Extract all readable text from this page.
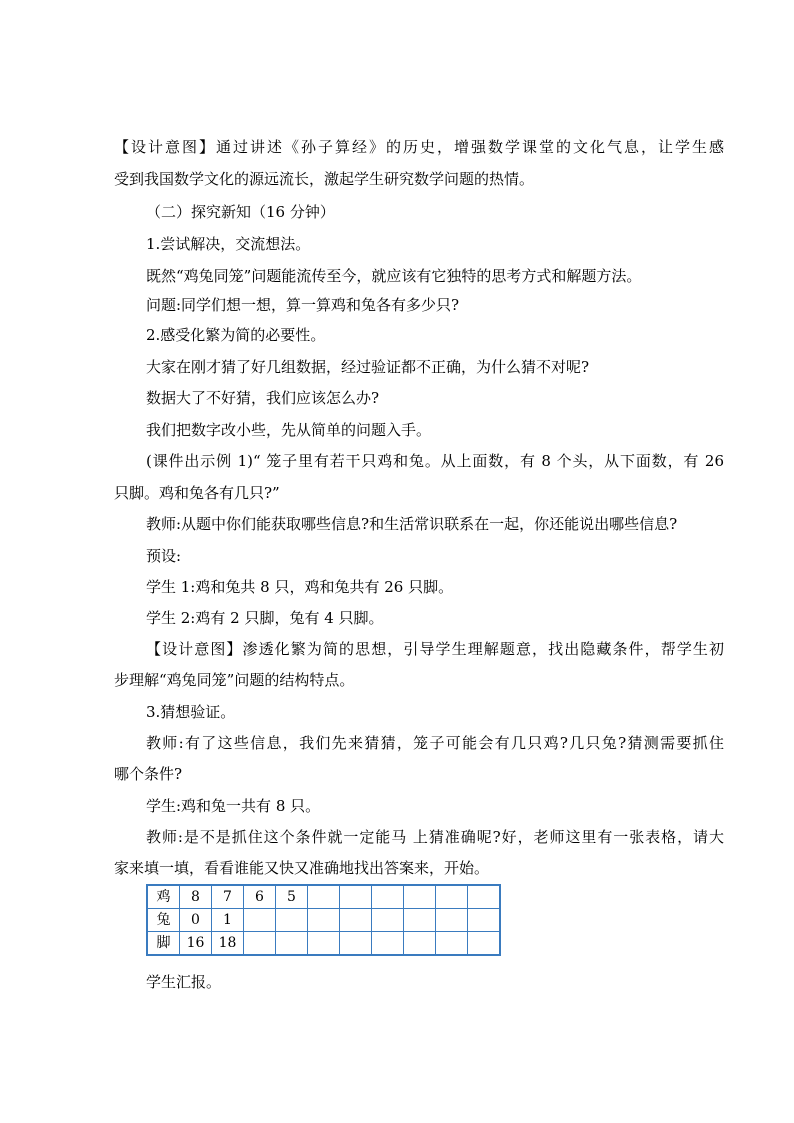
【设计意图】通过讲述《孙子算经》的历史，增强数学课堂的文化气息，让学生感
受到我国数学文化的源远流长，激起学生研究数学问题的热情。
（二）探究新知（16 分钟）
1.尝试解决，交流想法。
既然“鸡兔同笼”问题能流传至今，就应该有它独特的思考方式和解题方法。
问题:同学们想一想，算一算鸡和兔各有多少只?
2.感受化繁为简的必要性。
大家在刚才猜了好几组数据，经过验证都不正确，为什么猜不对呢?
数据大了不好猜，我们应该怎么办?
我们把数字改小些，先从简单的问题入手。
(课件出示例 1)“ 笼子里有若干只鸡和兔。从上面数，有 8 个头，从下面数，有 26
只脚。鸡和兔各有几只?”
教师:从题中你们能获取哪些信息?和生活常识联系在一起，你还能说出哪些信息?
预设:
学生 1:鸡和兔共 8 只，鸡和兔共有 26 只脚。
学生 2:鸡有 2 只脚，兔有 4 只脚。
【设计意图】渗透化繁为简的思想，引导学生理解题意，找出隐藏条件，帮学生初
步理解“鸡兔同笼”问题的结构特点。
3.猜想验证。
教师:有了这些信息，我们先来猜猜，笼子可能会有几只鸡?几只兔?猜测需要抓住
哪个条件?
学生:鸡和兔一共有 8 只。
教师:是不是抓住这个条件就一定能马 上猜准确呢?好，老师这里有一张表格，请大
家来填一填，看看谁能又快又准确地找出答案来，开始。
鸡	8	7	6	5						
兔	0	1								
脚	16	18								
学生汇报。
